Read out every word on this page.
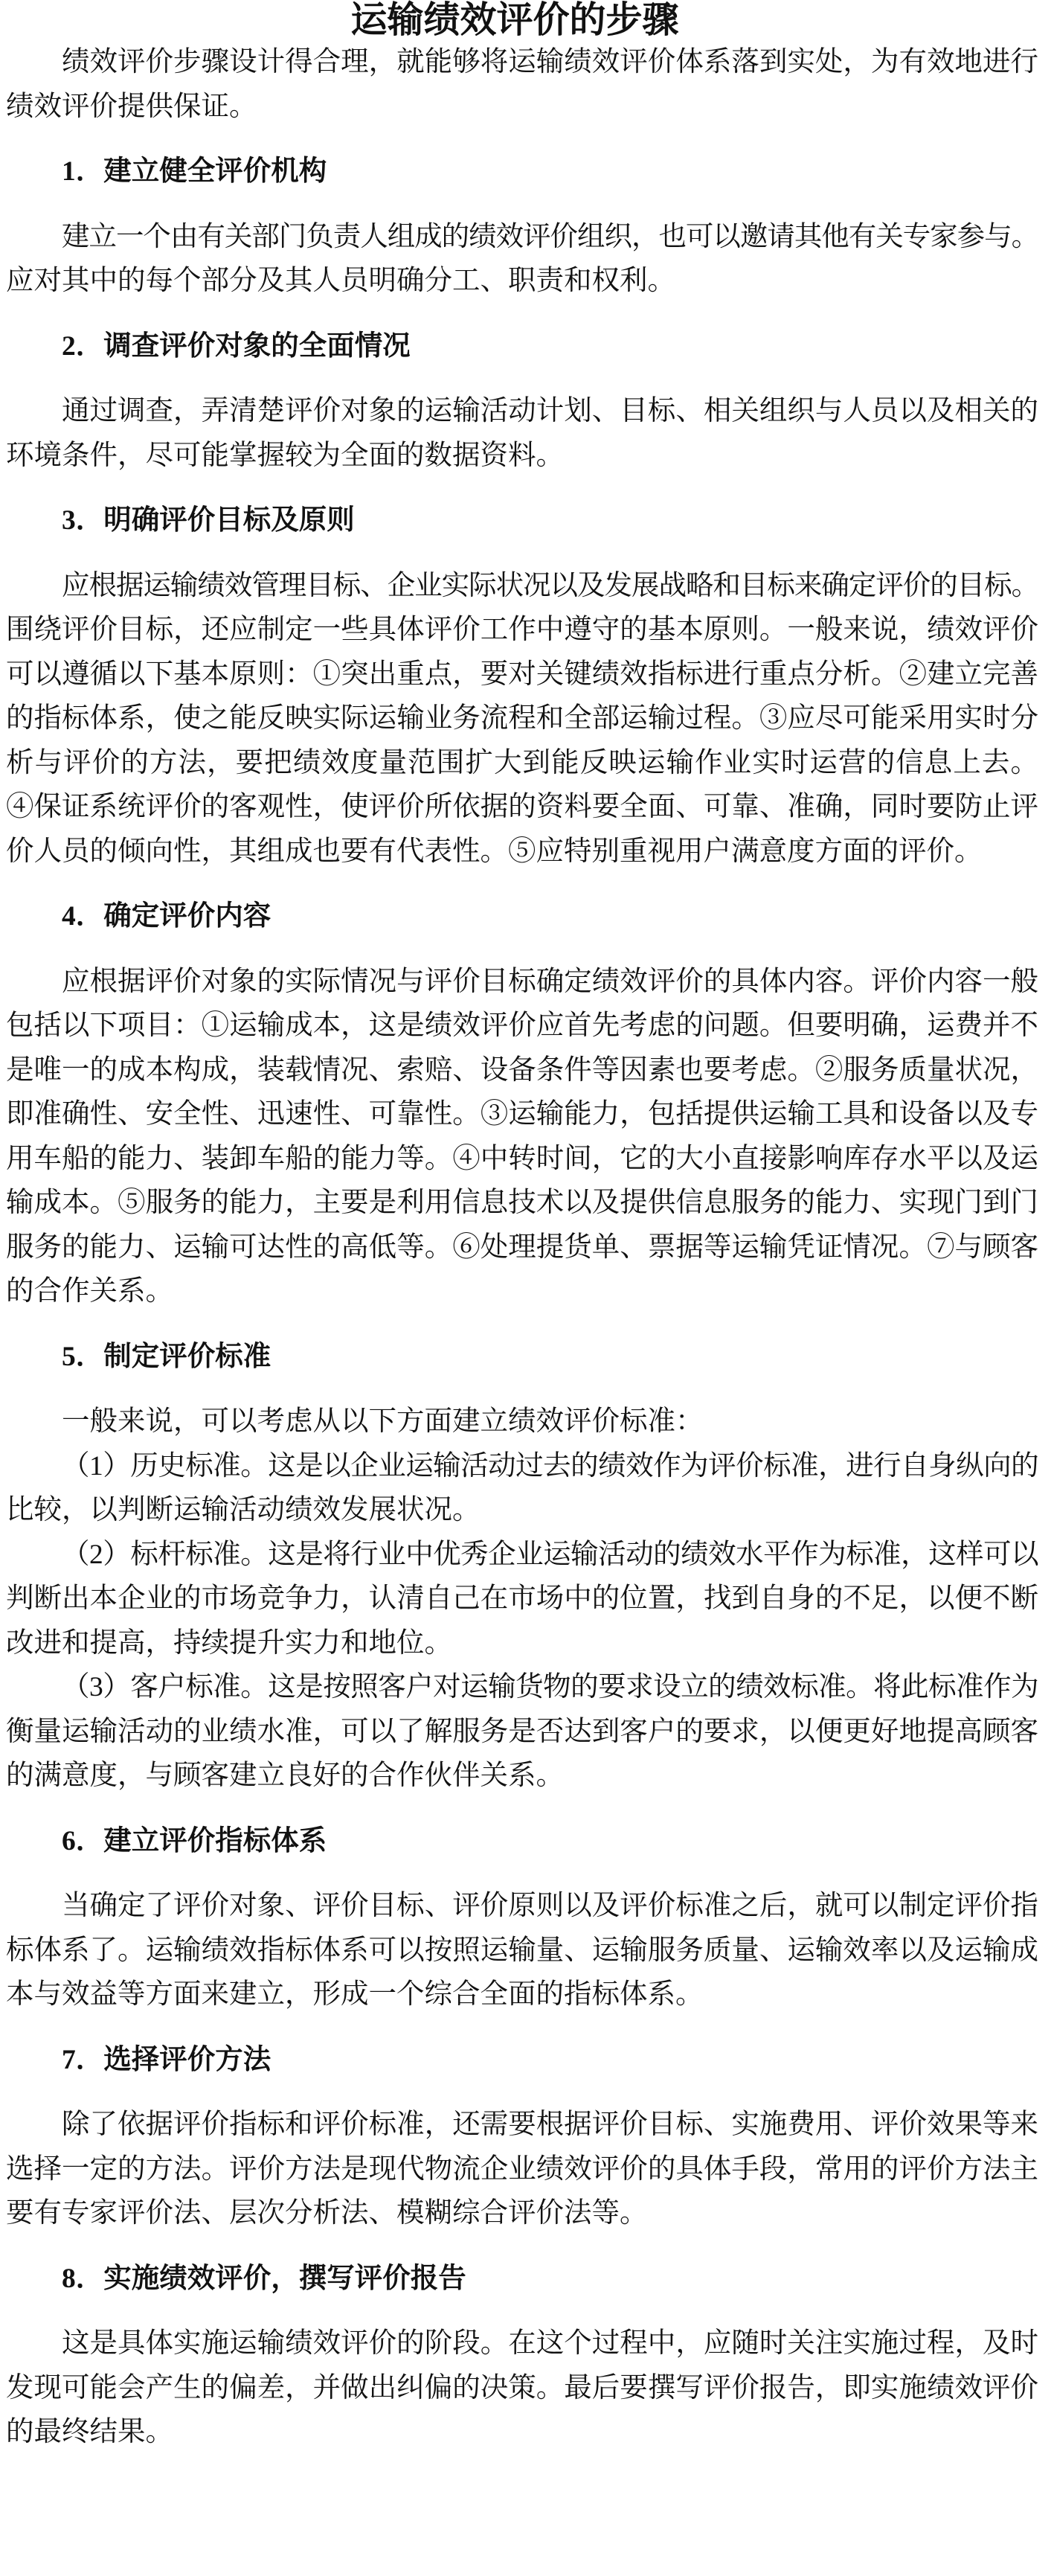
运输绩效评价的步骤
绩效评价步骤设计得合理，就能够将运输绩效评价体系落到实处，为有效地进行
绩效评价提供保证。
1．建立健全评价机构
建立一个由有关部门负责人组成的绩效评价组织，也可以邀请其他有关专家参与。
应对其中的每个部分及其人员明确分工、职责和权利。
2．调查评价对象的全面情况
通过调查，弄清楚评价对象的运输活动计划、目标、相关组织与人员以及相关的
环境条件，尽可能掌握较为全面的数据资料。
3．明确评价目标及原则
应根据运输绩效管理目标、企业实际状况以及发展战略和目标来确定评价的目标。
围绕评价目标，还应制定一些具体评价工作中遵守的基本原则。一般来说，绩效评价
可以遵循以下基本原则：①突出重点，要对关键绩效指标进行重点分析。②建立完善
的指标体系，使之能反映实际运输业务流程和全部运输过程。③应尽可能采用实时分
析与评价的方法，要把绩效度量范围扩大到能反映运输作业实时运营的信息上去。
④保证系统评价的客观性，使评价所依据的资料要全面、可靠、准确，同时要防止评
价人员的倾向性，其组成也要有代表性。⑤应特别重视用户满意度方面的评价。
4．确定评价内容
应根据评价对象的实际情况与评价目标确定绩效评价的具体内容。评价内容一般
包括以下项目：①运输成本，这是绩效评价应首先考虑的问题。但要明确，运费并不
是唯一的成本构成，装载情况、索赔、设备条件等因素也要考虑。②服务质量状况，
即准确性、安全性、迅速性、可靠性。③运输能力，包括提供运输工具和设备以及专
用车船的能力、装卸车船的能力等。④中转时间，它的大小直接影响库存水平以及运
输成本。⑤服务的能力，主要是利用信息技术以及提供信息服务的能力、实现门到门
服务的能力、运输可达性的高低等。⑥处理提货单、票据等运输凭证情况。⑦与顾客
的合作关系。
5．制定评价标准
一般来说，可以考虑从以下方面建立绩效评价标准：
（1）历史标准。这是以企业运输活动过去的绩效作为评价标准，进行自身纵向的
比较，以判断运输活动绩效发展状况。
（2）标杆标准。这是将行业中优秀企业运输活动的绩效水平作为标准，这样可以
判断出本企业的市场竞争力，认清自己在市场中的位置，找到自身的不足，以便不断
改进和提高，持续提升实力和地位。
（3）客户标准。这是按照客户对运输货物的要求设立的绩效标准。将此标准作为
衡量运输活动的业绩水准，可以了解服务是否达到客户的要求，以便更好地提高顾客
的满意度，与顾客建立良好的合作伙伴关系。
6．建立评价指标体系
当确定了评价对象、评价目标、评价原则以及评价标准之后，就可以制定评价指
标体系了。运输绩效指标体系可以按照运输量、运输服务质量、运输效率以及运输成
本与效益等方面来建立，形成一个综合全面的指标体系。
7．选择评价方法
除了依据评价指标和评价标准，还需要根据评价目标、实施费用、评价效果等来
选择一定的方法。评价方法是现代物流企业绩效评价的具体手段，常用的评价方法主
要有专家评价法、层次分析法、模糊综合评价法等。
8．实施绩效评价，撰写评价报告
这是具体实施运输绩效评价的阶段。在这个过程中，应随时关注实施过程，及时
发现可能会产生的偏差，并做出纠偏的决策。最后要撰写评价报告，即实施绩效评价
的最终结果。
